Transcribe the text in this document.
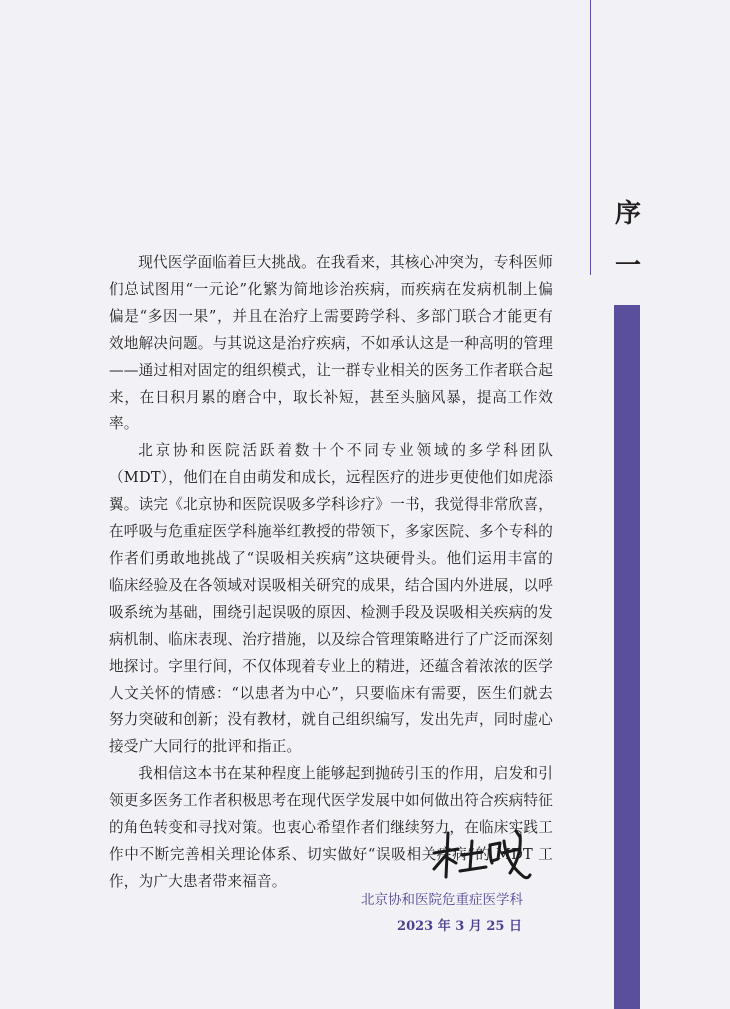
序
一

现代医学面临着巨大挑战。在我看来，其核心冲突为，专科医师们总试图用“一元论”化繁为简地诊治疾病，而疾病在发病机制上偏偏是“多因一果”，并且在治疗上需要跨学科、多部门联合才能更有效地解决问题。与其说这是治疗疾病，不如承认这是一种高明的管理——通过相对固定的组织模式，让一群专业相关的医务工作者联合起来，在日积月累的磨合中，取长补短，甚至头脑风暴，提高工作效率。

北京协和医院活跃着数十个不同专业领域的多学科团队（MDT），他们在自由萌发和成长，远程医疗的进步更使他们如虎添翼。读完《北京协和医院误吸多学科诊疗》一书，我觉得非常欣喜，在呼吸与危重症医学科施举红教授的带领下，多家医院、多个专科的作者们勇敢地挑战了“误吸相关疾病”这块硬骨头。他们运用丰富的临床经验及在各领域对误吸相关研究的成果，结合国内外进展，以呼吸系统为基础，围绕引起误吸的原因、检测手段及误吸相关疾病的发病机制、临床表现、治疗措施，以及综合管理策略进行了广泛而深刻地探讨。字里行间，不仅体现着专业上的精进，还蕴含着浓浓的医学人文关怀的情感：“以患者为中心”，只要临床有需要，医生们就去努力突破和创新；没有教材，就自己组织编写，发出先声，同时虚心接受广大同行的批评和指正。

我相信这本书在某种程度上能够起到抛砖引玉的作用，启发和引领更多医务工作者积极思考在现代医学发展中如何做出符合疾病特征的角色转变和寻找对策。也衷心希望作者们继续努力，在临床实践工作中不断完善相关理论体系、切实做好“误吸相关疾病”的 MDT 工作，为广大患者带来福音。

北京协和医院危重症医学科
2023 年 3 月 25 日
